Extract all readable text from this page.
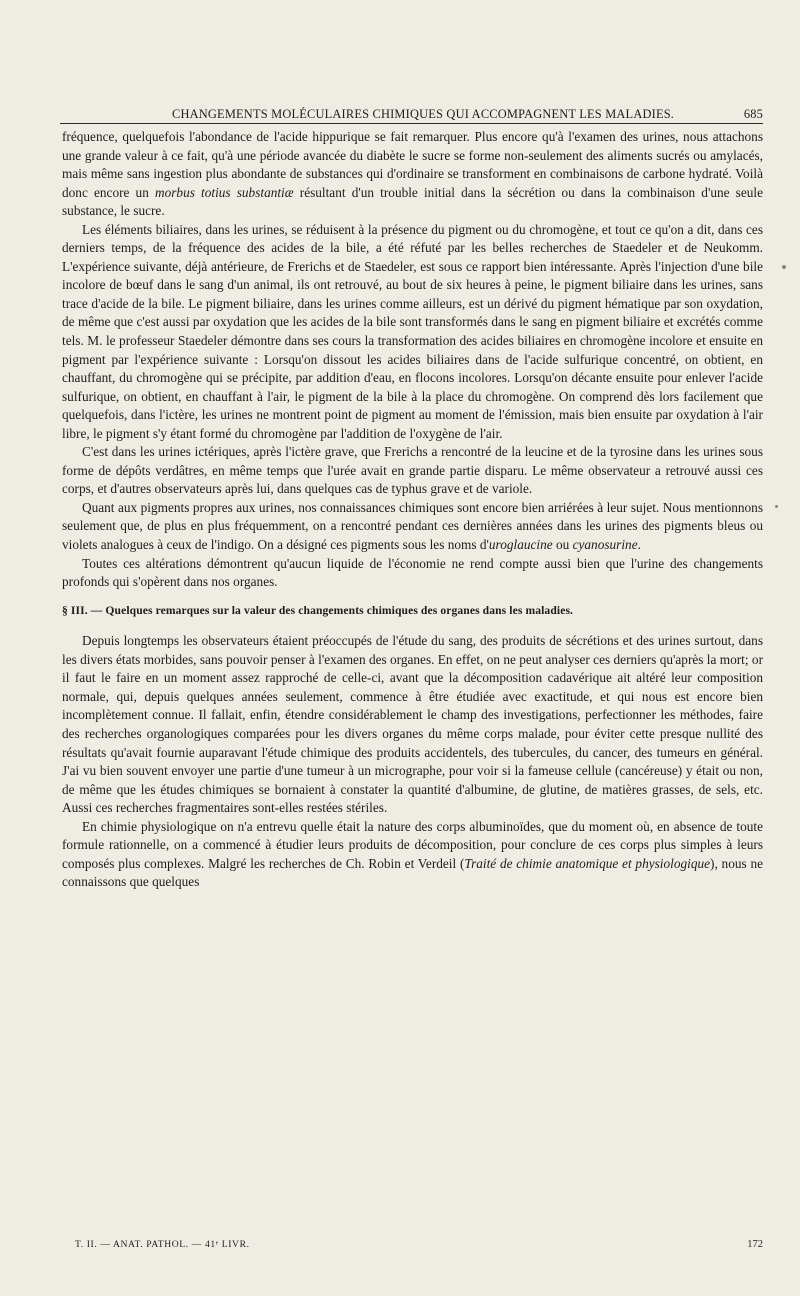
CHANGEMENTS MOLÉCULAIRES CHIMIQUES QUI ACCOMPAGNENT LES MALADIES.	685

fréquence, quelquefois l'abondance de l'acide hippurique se fait remarquer. Plus encore qu'à l'examen des urines, nous attachons une grande valeur à ce fait, qu'à une période avancée du diabète le sucre se forme non-seulement des aliments sucrés ou amylacés, mais même sans ingestion plus abondante de substances qui d'ordinaire se transforment en combinaisons de carbone hydraté. Voilà donc encore un morbus totius substantiæ résultant d'un trouble initial dans la sécrétion ou dans la combinaison d'une seule substance, le sucre.

Les éléments biliaires, dans les urines, se réduisent à la présence du pigment ou du chromogène, et tout ce qu'on a dit, dans ces derniers temps, de la fréquence des acides de la bile, a été réfuté par les belles recherches de Staedeler et de Neukomm. L'expérience suivante, déjà antérieure, de Frerichs et de Staedeler, est sous ce rapport bien intéressante. Après l'injection d'une bile incolore de bœuf dans le sang d'un animal, ils ont retrouvé, au bout de six heures à peine, le pigment biliaire dans les urines, sans trace d'acide de la bile. Le pigment biliaire, dans les urines comme ailleurs, est un dérivé du pigment hématique par son oxydation, de même que c'est aussi par oxydation que les acides de la bile sont transformés dans le sang en pigment biliaire et excrétés comme tels. M. le professeur Staedeler démontre dans ses cours la transformation des acides biliaires en chromogène incolore et ensuite en pigment par l'expérience suivante : Lorsqu'on dissout les acides biliaires dans de l'acide sulfurique concentré, on obtient, en chauffant, du chromogène qui se précipite, par addition d'eau, en flocons incolores. Lorsqu'on décante ensuite pour enlever l'acide sulfurique, on obtient, en chauffant à l'air, le pigment de la bile à la place du chromogène. On comprend dès lors facilement que quelquefois, dans l'ictère, les urines ne montrent point de pigment au moment de l'émission, mais bien ensuite par oxydation à l'air libre, le pigment s'y étant formé du chromogène par l'addition de l'oxygène de l'air.

C'est dans les urines ictériques, après l'ictère grave, que Frerichs a rencontré de la leucine et de la tyrosine dans les urines sous forme de dépôts verdâtres, en même temps que l'urée avait en grande partie disparu. Le même observateur a retrouvé aussi ces corps, et d'autres observateurs après lui, dans quelques cas de typhus grave et de variole.

Quant aux pigments propres aux urines, nos connaissances chimiques sont encore bien arriérées à leur sujet. Nous mentionnons seulement que, de plus en plus fréquemment, on a rencontré pendant ces dernières années dans les urines des pigments bleus ou violets analogues à ceux de l'indigo. On a désigné ces pigments sous les noms d'uroglaucine ou cyanosurine.

Toutes ces altérations démontrent qu'aucun liquide de l'économie ne rend compte aussi bien que l'urine des changements profonds qui s'opèrent dans nos organes.

§ III. — Quelques remarques sur la valeur des changements chimiques des organes dans les maladies.

Depuis longtemps les observateurs étaient préoccupés de l'étude du sang, des produits de sécrétions et des urines surtout, dans les divers états morbides, sans pouvoir penser à l'examen des organes. En effet, on ne peut analyser ces derniers qu'après la mort; or il faut le faire en un moment assez rapproché de celle-ci, avant que la décomposition cadavérique ait altéré leur composition normale, qui, depuis quelques années seulement, commence à être étudiée avec exactitude, et qui nous est encore bien incomplètement connue. Il fallait, enfin, étendre considérablement le champ des investigations, perfectionner les méthodes, faire des recherches organologiques comparées pour les divers organes du même corps malade, pour éviter cette presque nullité des résultats qu'avait fournie auparavant l'étude chimique des produits accidentels, des tubercules, du cancer, des tumeurs en général. J'ai vu bien souvent envoyer une partie d'une tumeur à un micrographe, pour voir si la fameuse cellule (cancéreuse) y était ou non, de même que les études chimiques se bornaient à constater la quantité d'albumine, de glutine, de matières grasses, de sels, etc. Aussi ces recherches fragmentaires sont-elles restées stériles.

En chimie physiologique on n'a entrevu quelle était la nature des corps albuminoïdes, que du moment où, en absence de toute formule rationnelle, on a commencé à étudier leurs produits de décomposition, pour conclure de ces corps plus simples à leurs composés plus complexes. Malgré les recherches de Ch. Robin et Verdeil (Traité de chimie anatomique et physiologique), nous ne connaissons que quelques

T. II. — ANAT. PATHOL. — 41ᵉ LIVR.	172
